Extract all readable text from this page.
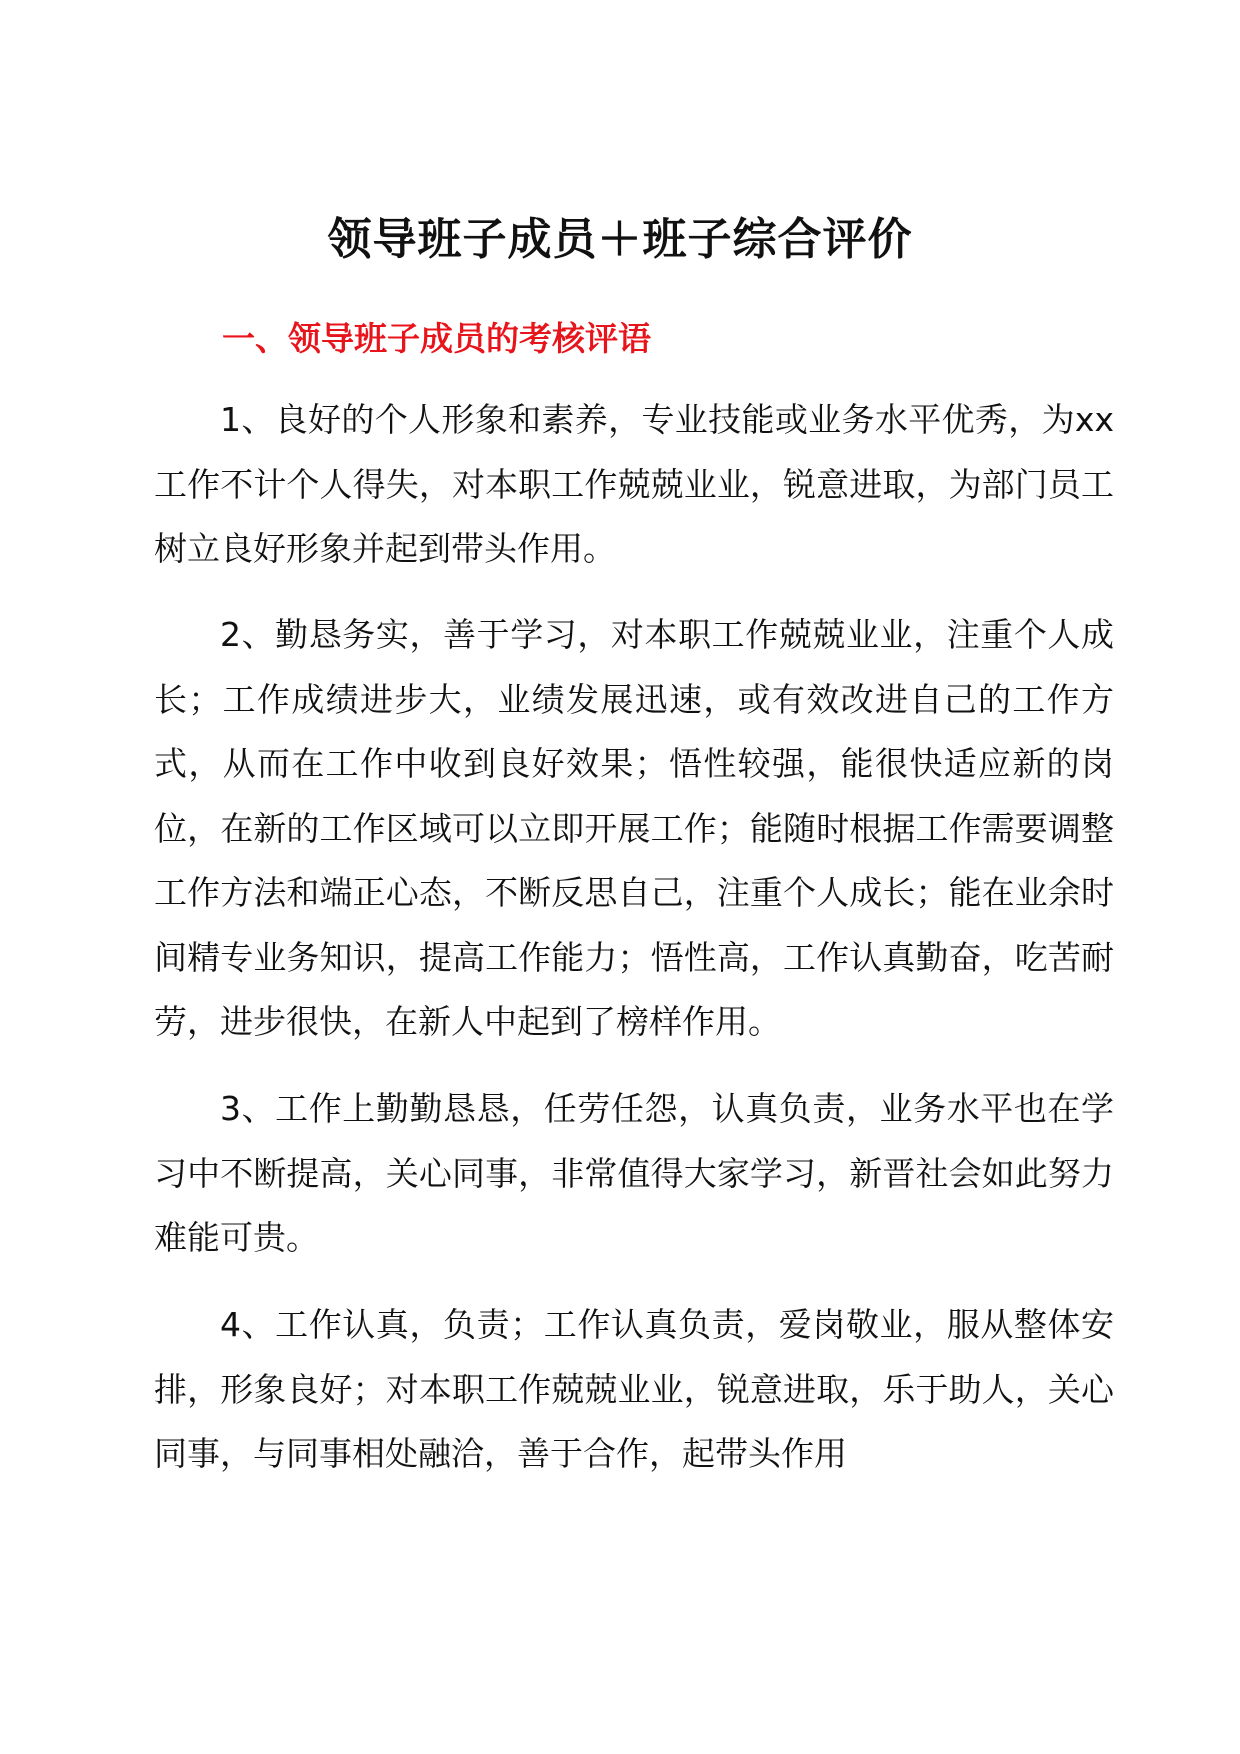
领导班子成员＋班子综合评价
一、领导班子成员的考核评语

1、良好的个人形象和素养，专业技能或业务水平优秀，为xx 工作不计个人得失，对本职工作兢兢业业，锐意进取，为部门员工树立良好形象并起到带头作用。

2、勤恳务实，善于学习，对本职工作兢兢业业，注重个人成长；工作成绩进步大，业绩发展迅速，或有效改进自己的工作方式，从而在工作中收到良好效果；悟性较强，能很快适应新的岗位，在新的工作区域可以立即开展工作；能随时根据工作需要调整工作方法和端正心态，不断反思自己，注重个人成长；能在业余时间精专业务知识，提高工作能力；悟性高，工作认真勤奋，吃苦耐劳，进步很快，在新人中起到了榜样作用。

3、工作上勤勤恳恳，任劳任怨，认真负责，业务水平也在学习中不断提高，关心同事，非常值得大家学习，新晋社会如此努力难能可贵。

4、工作认真，负责；工作认真负责，爱岗敬业，服从整体安排，形象良好；对本职工作兢兢业业，锐意进取，乐于助人，关心同事，与同事相处融洽，善于合作，起带头作用
